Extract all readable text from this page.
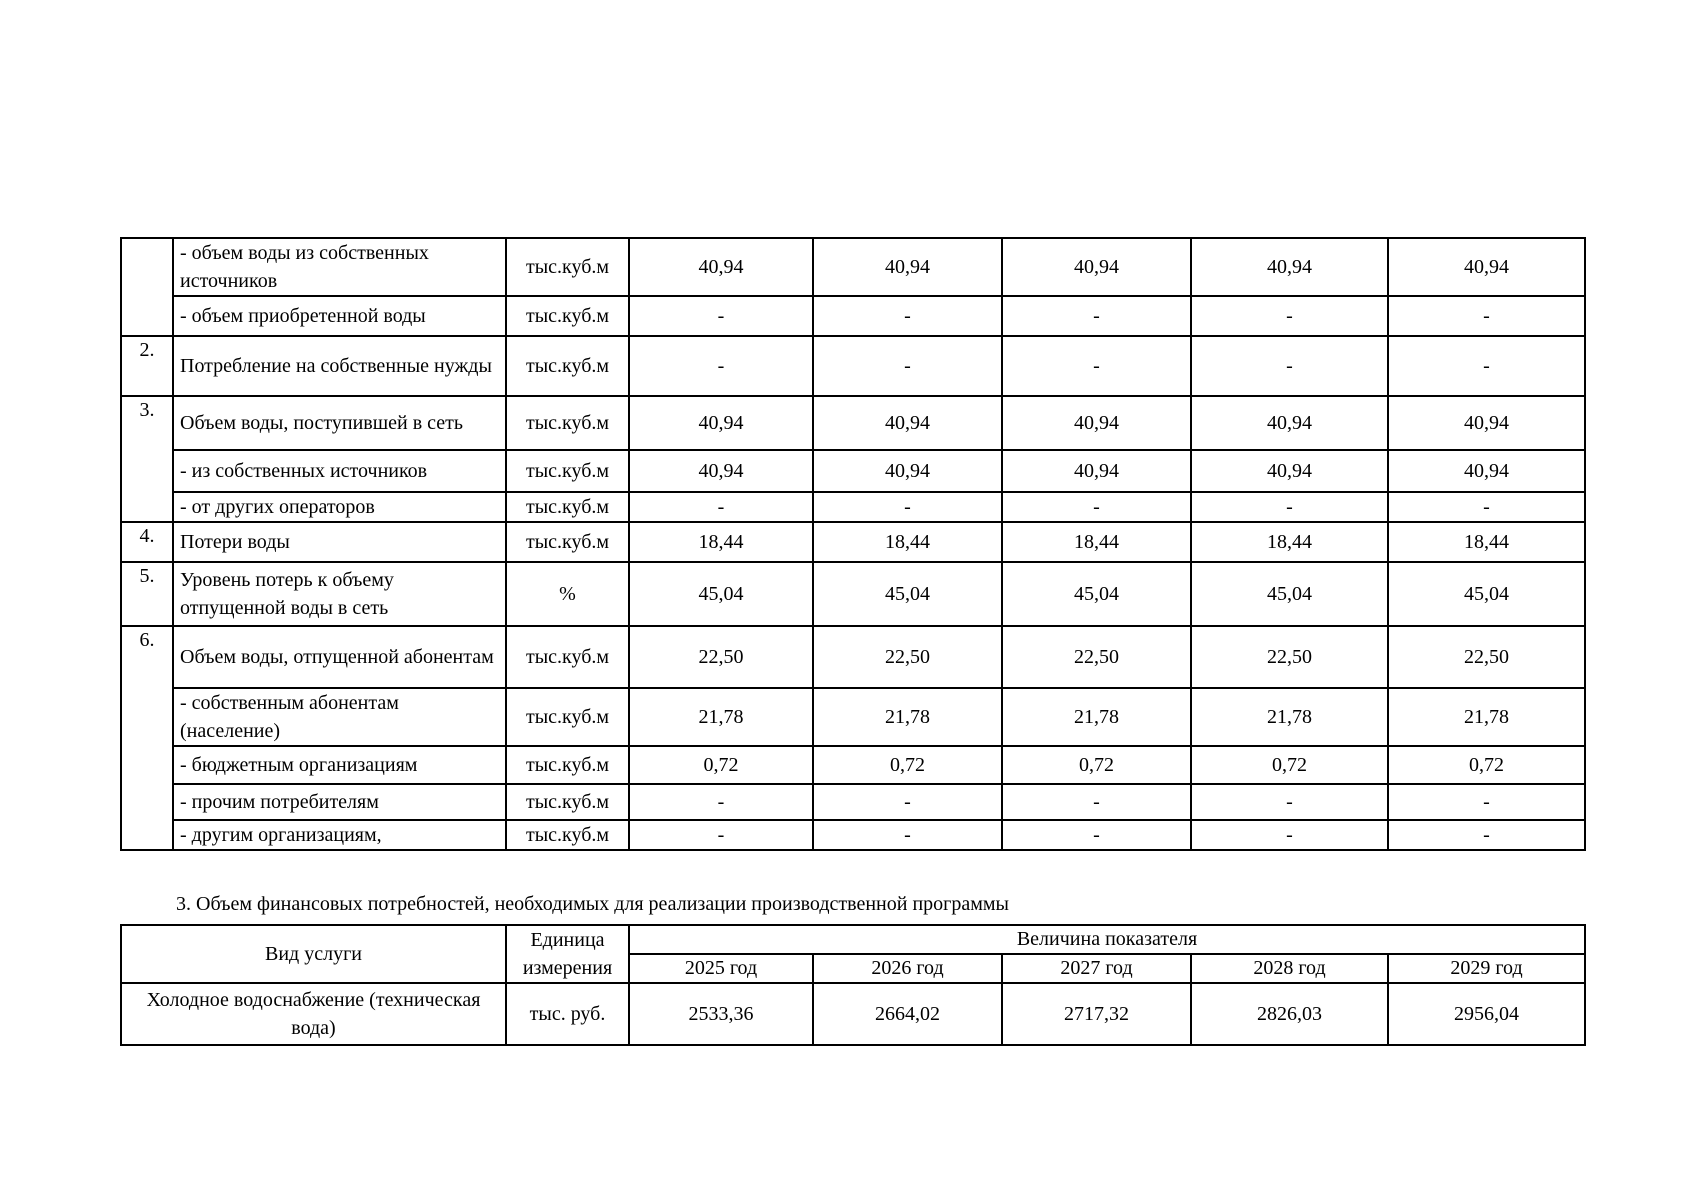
	- объем воды из собственных источников	тыс.куб.м	40,94	40,94	40,94	40,94	40,94
	- объем приобретенной воды	тыс.куб.м	-	-	-	-	-
2.	Потребление на собственные нужды	тыс.куб.м	-	-	-	-	-
3.	Объем воды, поступившей в сеть	тыс.куб.м	40,94	40,94	40,94	40,94	40,94
	- из собственных источников	тыс.куб.м	40,94	40,94	40,94	40,94	40,94
	- от других операторов	тыс.куб.м	-	-	-	-	-
4.	Потери воды	тыс.куб.м	18,44	18,44	18,44	18,44	18,44
5.	Уровень потерь к объему отпущенной воды в сеть	%	45,04	45,04	45,04	45,04	45,04
6.	Объем воды, отпущенной абонентам	тыс.куб.м	22,50	22,50	22,50	22,50	22,50
	- собственным абонентам (население)	тыс.куб.м	21,78	21,78	21,78	21,78	21,78
	- бюджетным организациям	тыс.куб.м	0,72	0,72	0,72	0,72	0,72
	- прочим потребителям	тыс.куб.м	-	-	-	-	-
	- другим организациям,	тыс.куб.м	-	-	-	-	-
3. Объем финансовых потребностей, необходимых для реализации производственной программы
Вид услуги	Единица измерения	Величина показателя				
		2025 год	2026 год	2027 год	2028 год	2029 год
Холодное водоснабжение (техническая вода)	тыс. руб.	2533,36	2664,02	2717,32	2826,03	2956,04
